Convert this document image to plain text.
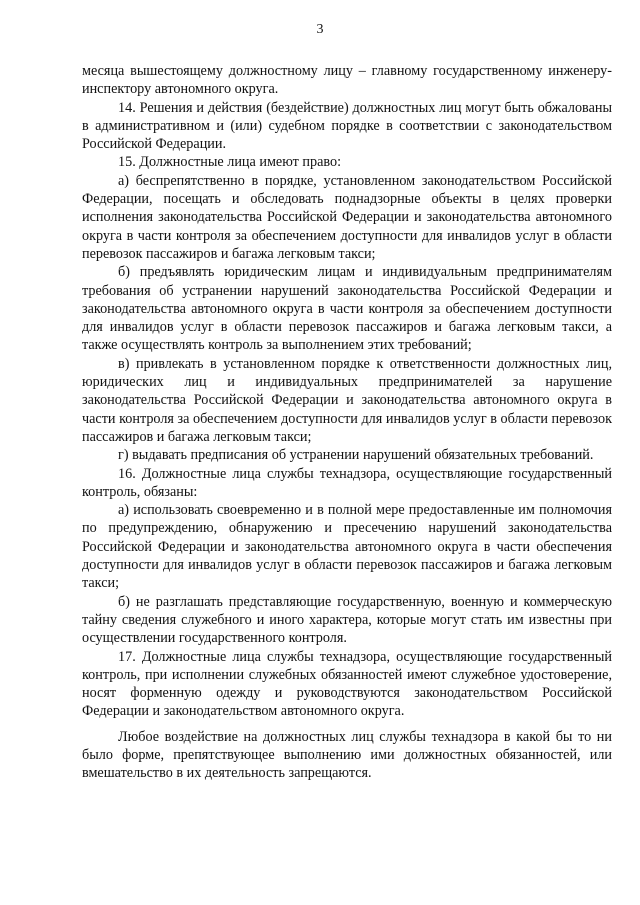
3

месяца вышестоящему должностному лицу – главному государственному инженеру-инспектору автономного округа.

14. Решения и действия (бездействие) должностных лиц могут быть обжалованы в административном и (или) судебном порядке в соответствии с законодательством Российской Федерации.

15. Должностные лица имеют право:

а) беспрепятственно в порядке, установленном законодательством Российской Федерации, посещать и обследовать поднадзорные объекты в целях проверки исполнения законодательства Российской Федерации и законодательства автономного округа в части контроля за обеспечением доступности для инвалидов услуг в области перевозок пассажиров и багажа легковым такси;

б) предъявлять юридическим лицам и индивидуальным предпринимателям требования об устранении нарушений законодательства Российской Федерации и законодательства автономного округа в части контроля за обеспечением доступности для инвалидов услуг в области перевозок пассажиров и багажа легковым такси, а также осуществлять контроль за выполнением этих требований;

в) привлекать в установленном порядке к ответственности должностных лиц, юридических лиц и индивидуальных предпринимателей за нарушение законодательства Российской Федерации и законодательства автономного округа в части контроля за обеспечением доступности для инвалидов услуг в области перевозок пассажиров и багажа легковым такси;

г) выдавать предписания об устранении нарушений обязательных требований.

16. Должностные лица службы технадзора, осуществляющие государственный контроль, обязаны:

а) использовать своевременно и в полной мере предоставленные им полномочия по предупреждению, обнаружению и пресечению нарушений законодательства Российской Федерации и законодательства автономного округа в части обеспечения доступности для инвалидов услуг в области перевозок пассажиров и багажа легковым такси;

б) не разглашать представляющие государственную, военную и коммерческую тайну сведения служебного и иного характера, которые могут стать им известны при осуществлении государственного контроля.

17. Должностные лица службы технадзора, осуществляющие государственный контроль, при исполнении служебных обязанностей имеют служебное удостоверение, носят форменную одежду и руководствуются законодательством Российской Федерации и законодательством автономного округа.

Любое воздействие на должностных лиц службы технадзора в какой бы то ни было форме, препятствующее выполнению ими должностных обязанностей, или вмешательство в их деятельность запрещаются.
